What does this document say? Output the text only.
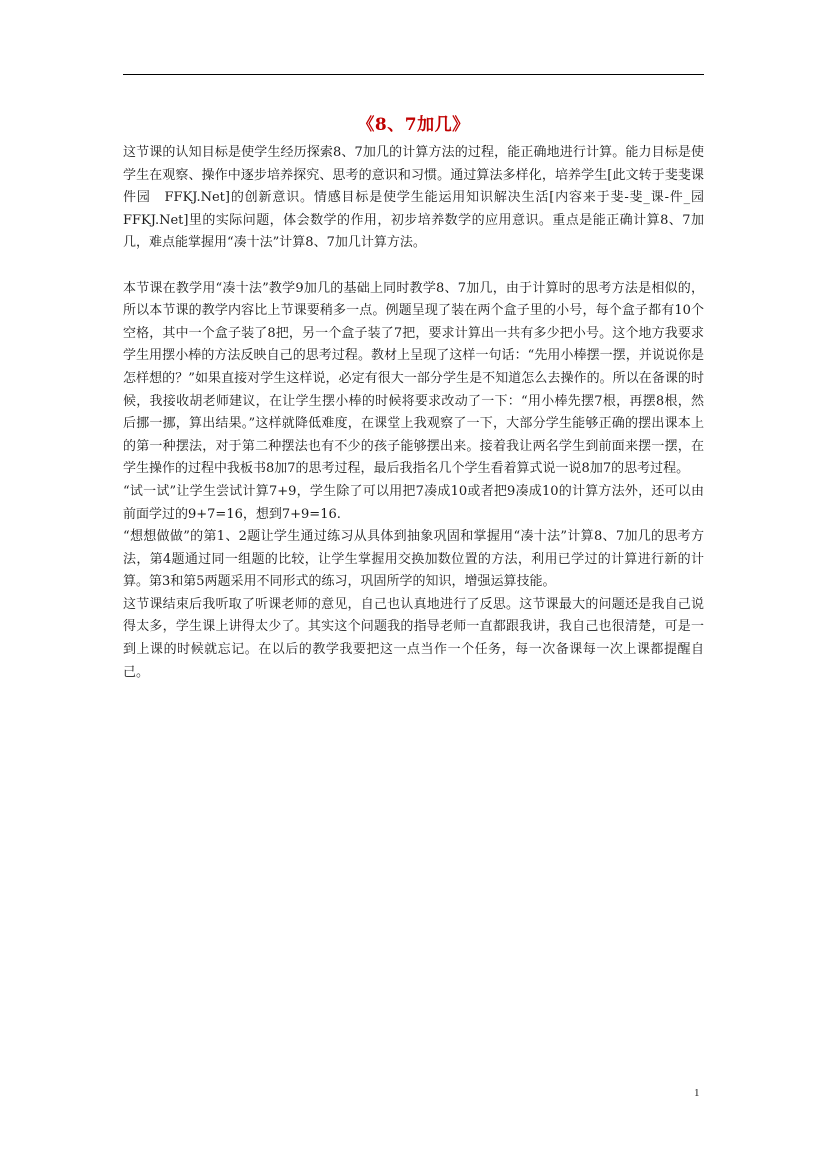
《8、7加几》

这节课的认知目标是使学生经历探索8、7加几的计算方法的过程，能正确地进行计算。能力目标是使学生在观察、操作中逐步培养探究、思考的意识和习惯。通过算法多样化，培养学生[此文转于斐斐课件园　FFKJ.Net]的创新意识。情感目标是使学生能运用知识解决生活[内容来于斐-斐_课-件_园　FFKJ.Net]里的实际问题，体会数学的作用，初步培养数学的应用意识。重点是能正确计算8、7加几，难点能掌握用“凑十法”计算8、7加几计算方法。

本节课在教学用“凑十法”教学9加几的基础上同时教学8、7加几，由于计算时的思考方法是相似的，所以本节课的教学内容比上节课要稍多一点。例题呈现了装在两个盒子里的小号，每个盒子都有10个空格，其中一个盒子装了8把，另一个盒子装了7把，要求计算出一共有多少把小号。这个地方我要求学生用摆小棒的方法反映自己的思考过程。教材上呈现了这样一句话：“先用小棒摆一摆，并说说你是怎样想的？”如果直接对学生这样说，必定有很大一部分学生是不知道怎么去操作的。所以在备课的时候，我接收胡老师建议，在让学生摆小棒的时候将要求改动了一下：“用小棒先摆7根，再摆8根，然后挪一挪，算出结果。”这样就降低难度，在课堂上我观察了一下，大部分学生能够正确的摆出课本上的第一种摆法，对于第二种摆法也有不少的孩子能够摆出来。接着我让两名学生到前面来摆一摆，在学生操作的过程中我板书8加7的思考过程，最后我指名几个学生看着算式说一说8加7的思考过程。

“试一试”让学生尝试计算7+9，学生除了可以用把7凑成10或者把9凑成10的计算方法外，还可以由前面学过的9+7=16，想到7+9=16.

“想想做做”的第1、2题让学生通过练习从具体到抽象巩固和掌握用“凑十法”计算8、7加几的思考方法，第4题通过同一组题的比较，让学生掌握用交换加数位置的方法，利用已学过的计算进行新的计算。第3和第5两题采用不同形式的练习，巩固所学的知识，增强运算技能。

这节课结束后我听取了听课老师的意见，自己也认真地进行了反思。这节课最大的问题还是我自己说得太多，学生课上讲得太少了。其实这个问题我的指导老师一直都跟我讲，我自己也很清楚，可是一到上课的时候就忘记。在以后的教学我要把这一点当作一个任务，每一次备课每一次上课都提醒自己。

1
